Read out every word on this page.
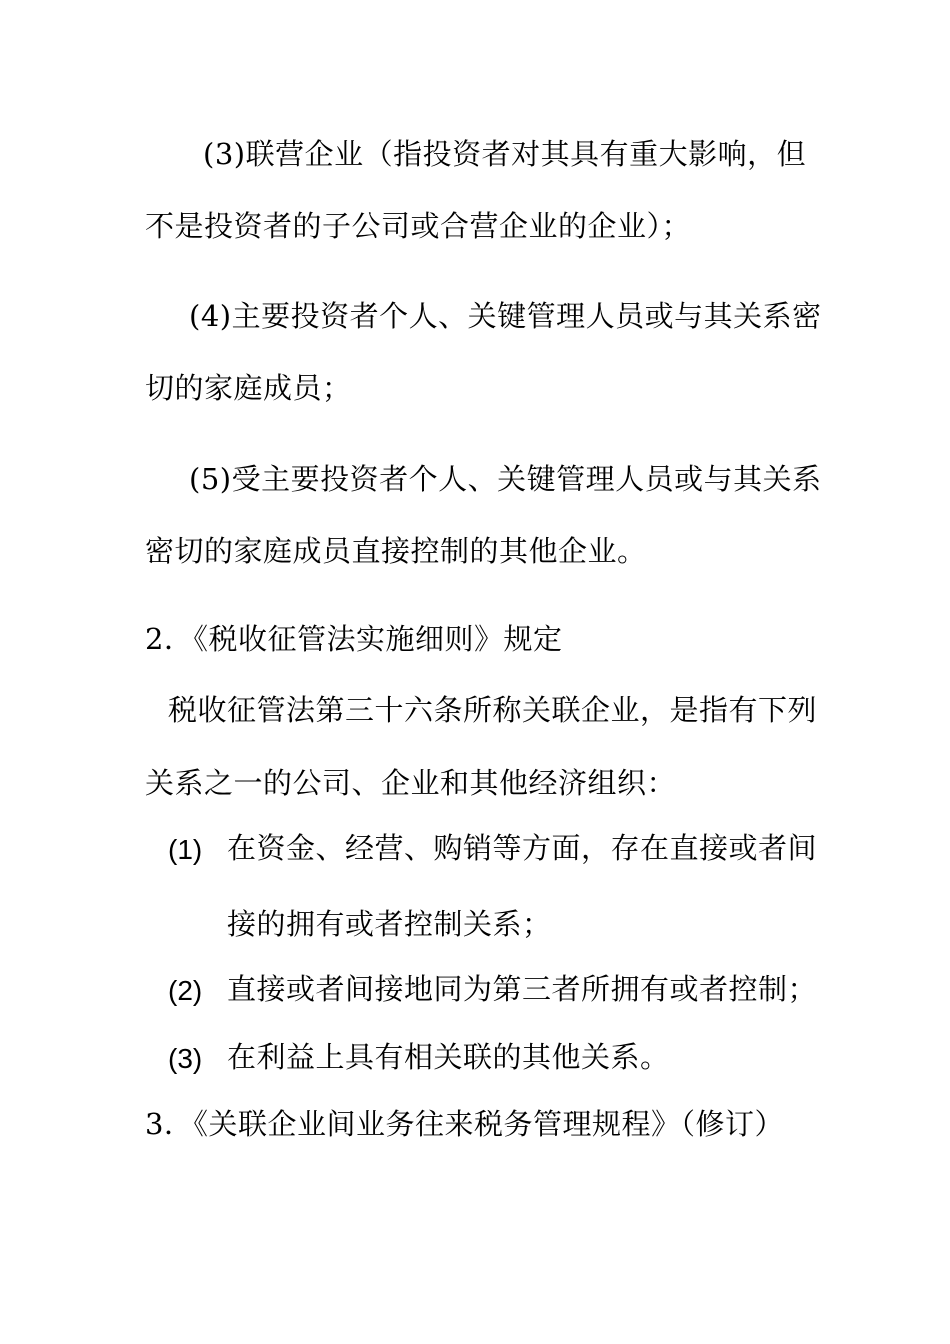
(3)联营企业（指投资者对其具有重大影响，但
不是投资者的子公司或合营企业的企业）；
(4)主要投资者个人、关键管理人员或与其关系密
切的家庭成员；
(5)受主要投资者个人、关键管理人员或与其关系
密切的家庭成员直接控制的其他企业。
2．《税收征管法实施细则》规定
税收征管法第三十六条所称关联企业，是指有下列
关系之一的公司、企业和其他经济组织：
(1) 在资金、经营、购销等方面，存在直接或者间
接的拥有或者控制关系；
(2) 直接或者间接地同为第三者所拥有或者控制；
(3) 在利益上具有相关联的其他关系。
3．《关联企业间业务往来税务管理规程》（修订）
